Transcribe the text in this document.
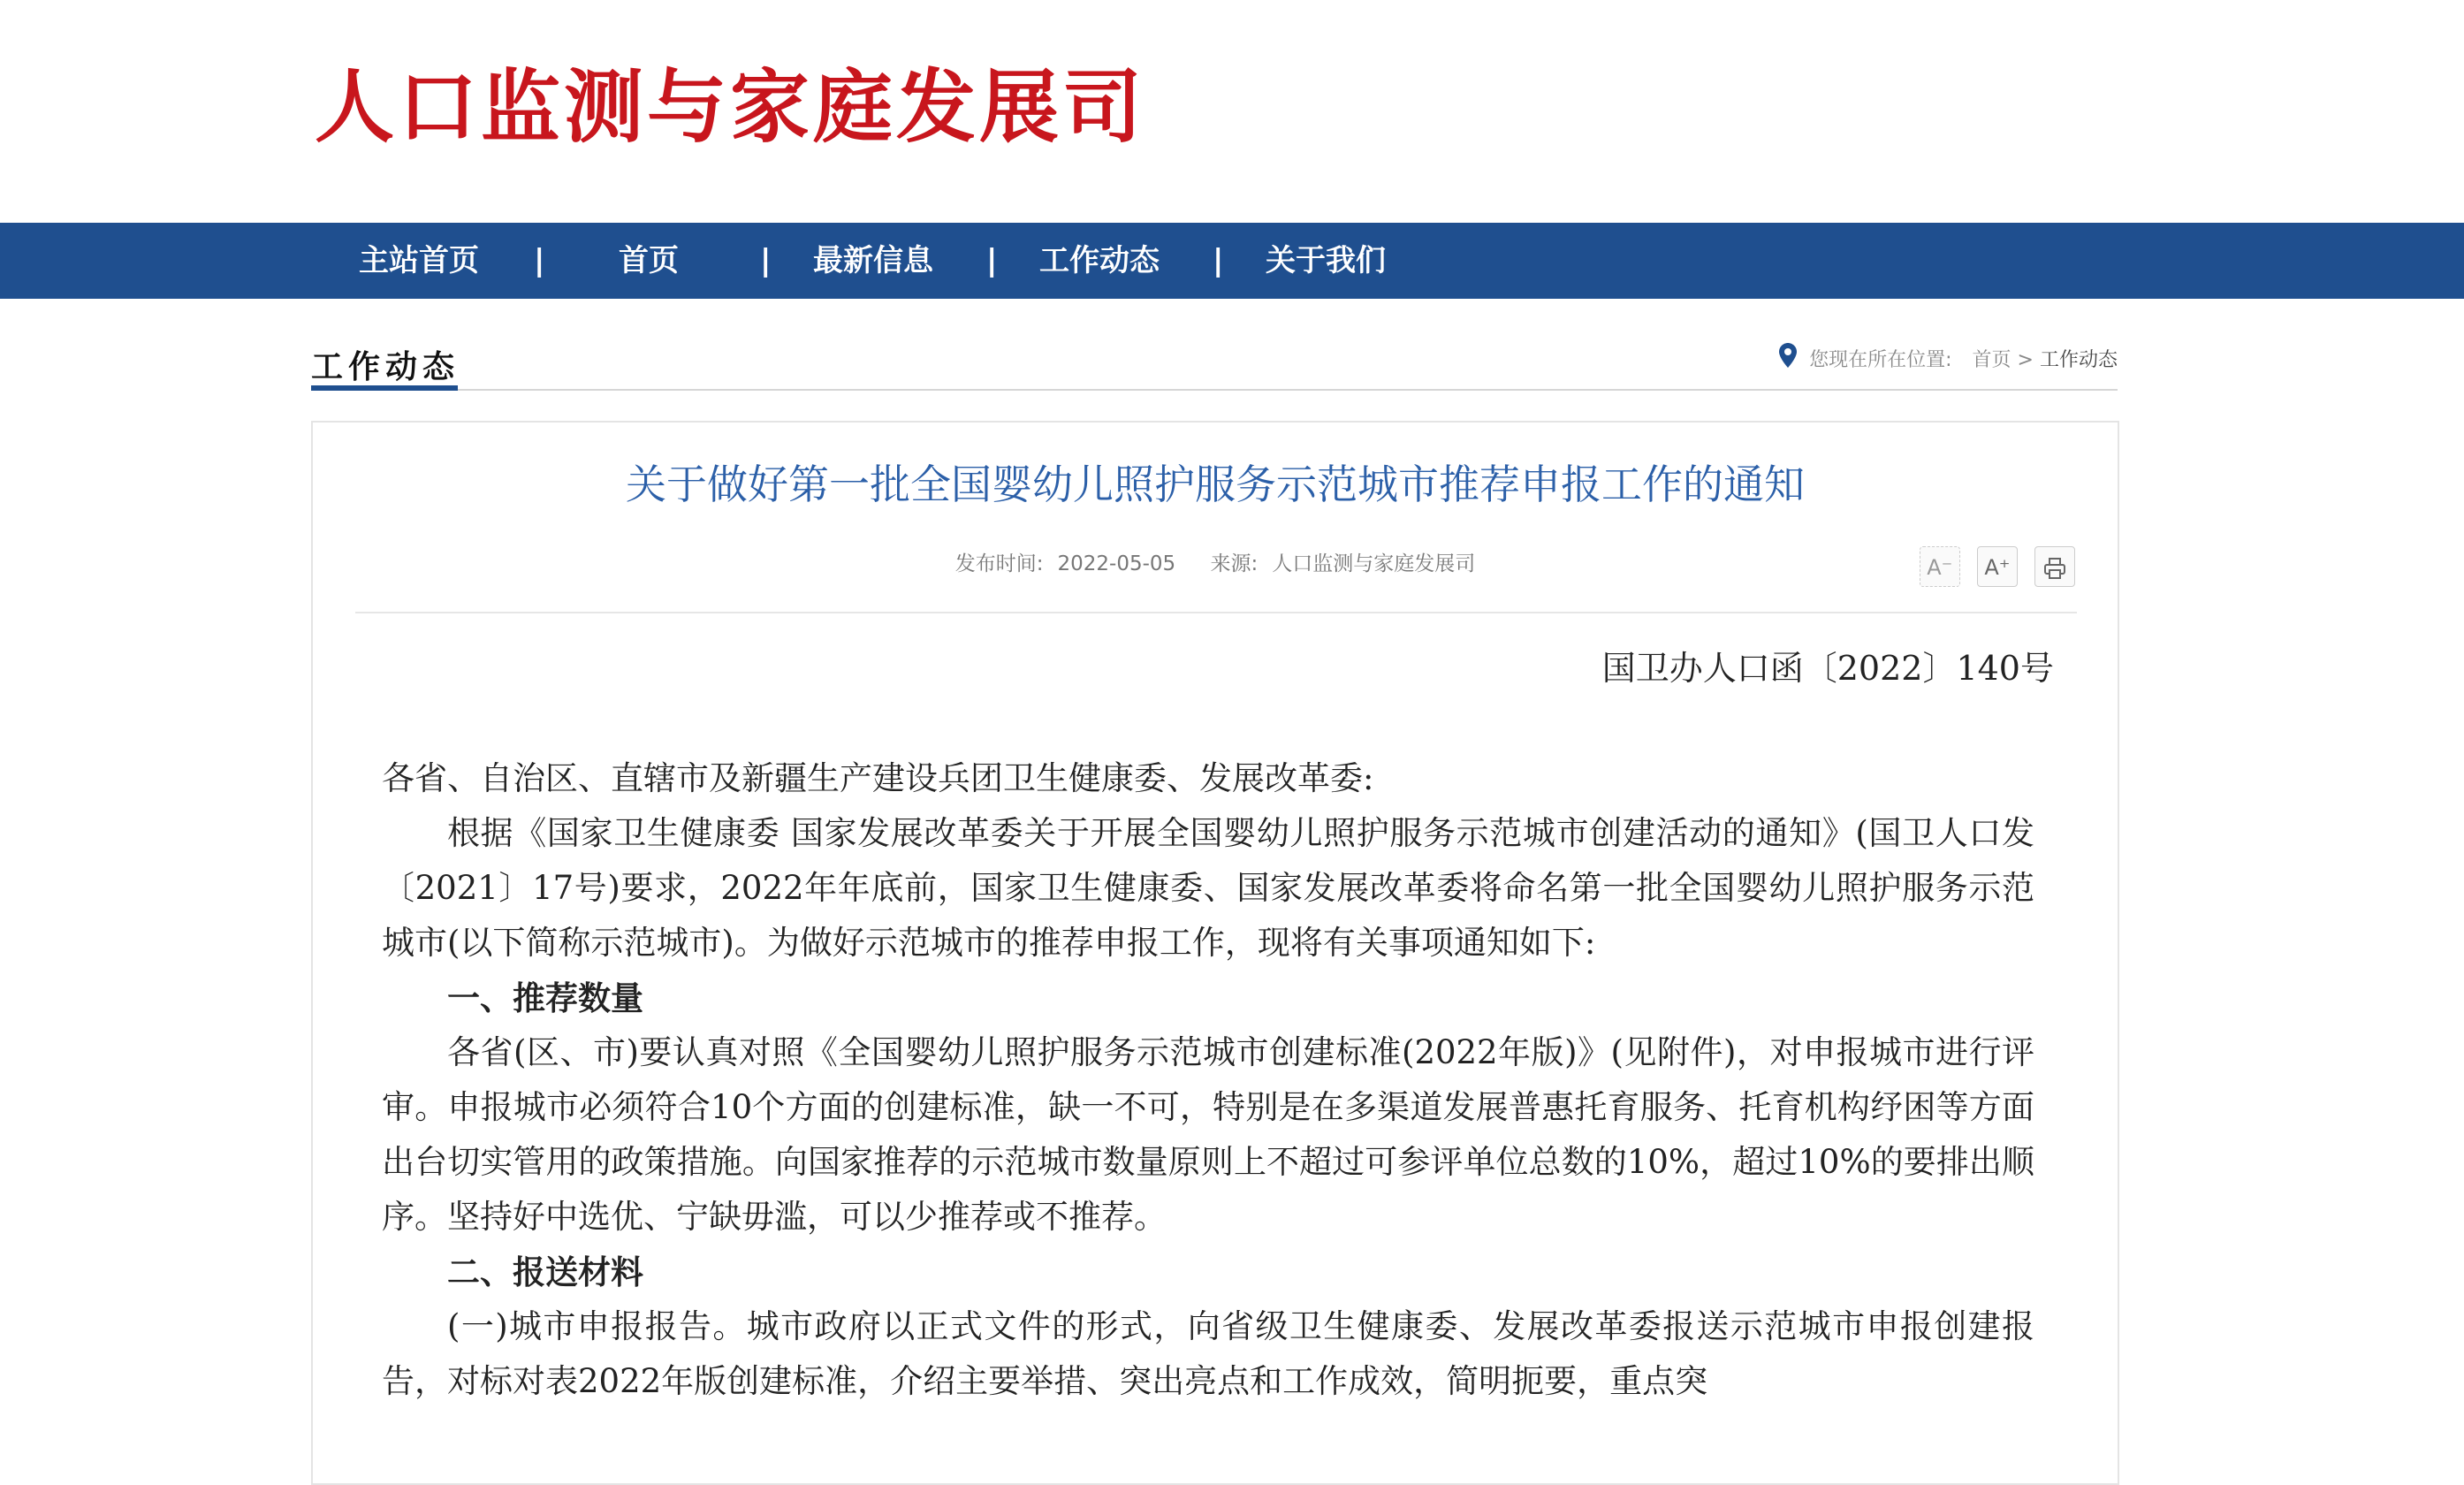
人口监测与家庭发展司
主站首页 | 首页	| 最新信息 | 工作动态 | 关于我们
工作动态	您现在所在位置: 首页 > 工作动态
关于做好第一批全国婴幼儿照护服务示范城市推荐申报工作的通知
发布时间: 2022-05-05 来源: 人口监测与家庭发展司	A⁻ A⁺
国卫办人口函〔2022〕140号

各省、自治区、直辖市及新疆生产建设兵团卫生健康委、发展改革委:

根据《国家卫生健康委 国家发展改革委关于开展全国婴幼儿照护服务示范城市创建活动的通知》(国卫人口发〔2021〕17号)要求，2022年年底前，国家卫生健康委、国家发展改革委将命名第一批全国婴幼儿照护服务示范城市(以下简称示范城市)。为做好示范城市的推荐申报工作，现将有关事项通知如下:

一、推荐数量

各省(区、市)要认真对照《全国婴幼儿照护服务示范城市创建标准(2022年版)》(见附件)，对申报城市进行评审。申报城市必须符合10个方面的创建标准，缺一不可，特别是在多渠道发展普惠托育服务、托育机构纾困等方面出台切实管用的政策措施。向国家推荐的示范城市数量原则上不超过可参评单位总数的10%，超过10%的要排出顺序。坚持好中选优、宁缺毋滥，可以少推荐或不推荐。

二、报送材料

(一)城市申报报告。城市政府以正式文件的形式，向省级卫生健康委、发展改革委报送示范城市申报创建报告，对标对表2022年版创建标准，介绍主要举措、突出亮点和工作成效，简明扼要，重点突
